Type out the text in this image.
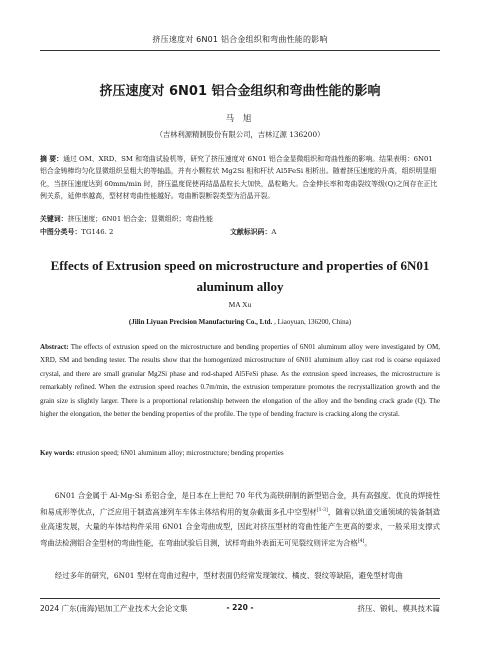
挤压速度对 6N01 铝合金组织和弯曲性能的影响
挤压速度对 6N01 铝合金组织和弯曲性能的影响
马 旭
（吉林利源精制股份有限公司，吉林辽源 136200）
摘 要：通过 OM、XRD、SM 和弯曲试验机等，研究了挤压速度对 6N01 铝合金显微组织和弯曲性能的影响。结果表明：6N01 铝合金铸棒均匀化显微组织呈粗大的等轴晶，并有小颗粒状 Mg2Si 相和杆状 Al5FeSi 相析出。随着挤压速度的升高，组织明显细化，当挤压速度达到 60mm/min 时，挤压温度促使再结晶晶粒长大加快，晶粒略大。合金伸长率和弯曲裂纹等级(Q)之间存在正比例关系，延伸率越高，型材材弯曲性能越好。弯曲断裂断裂类型为沿晶开裂。
关键词：挤压速度；6N01 铝合金；显微组织；弯曲性能
中图分类号：TG146. 2	文献标识码：A
Effects of Extrusion speed on microstructure and properties of 6N01 aluminum alloy
MA Xu
(Jilin Liyuan Precision Manufacturing Co., Ltd. , Liaoyuan, 136200, China)
Abstract: The effects of extrusion speed on the microstructure and bending properties of 6N01 aluminum alloy were investigated by OM, XRD, SM and bending tester. The results show that the homogenized microstructure of 6N01 aluminum alloy cast rod is coarse equiaxed crystal, and there are small granular Mg2Si phase and rod-shaped Al5FeSi phase. As the extrusion speed increases, the microstructure is remarkably refined. When the extrusion speed reaches 0.7m/min, the extrusion temperature promotes the recrystallization growth and the grain size is slightly larger. There is a proportional relationship between the elongation of the alloy and the bending crack grade (Q). The higher the elongation, the better the bending properties of the profile. The type of bending fracture is cracking along the crystal.
Key words: etrusion speed; 6N01 aluminum alloy; microstructure; bending properties
6N01 合金属于 Al-Mg-Si 系铝合金，是日本在上世纪 70 年代为高铁研制的新型铝合金，具有高强度、优良的焊接性和易成形等优点，广泛应用于制造高速列车车体主体结构用的复杂截面多孔中空型材[1-3]，随着以轨道交通领域的装备制造业高速发展，大量的车体结构件采用 6N01 合金弯曲成型，因此对挤压型材的弯曲性能产生更高的要求，一般采用支撑式弯曲法检测铝合金型材的弯曲性能，在弯曲试验后目测，试样弯曲外表面无可见裂纹则评定为合格[4]。
经过多年的研究，6N01 型材在弯曲过程中，型材表面仍经常发现皱纹、橘皮、裂纹等缺陷，避免型材弯曲
2024 广东(南海)铝加工产业技术大会论文集	- 220 -	挤压、锻轧、模具技术篇
